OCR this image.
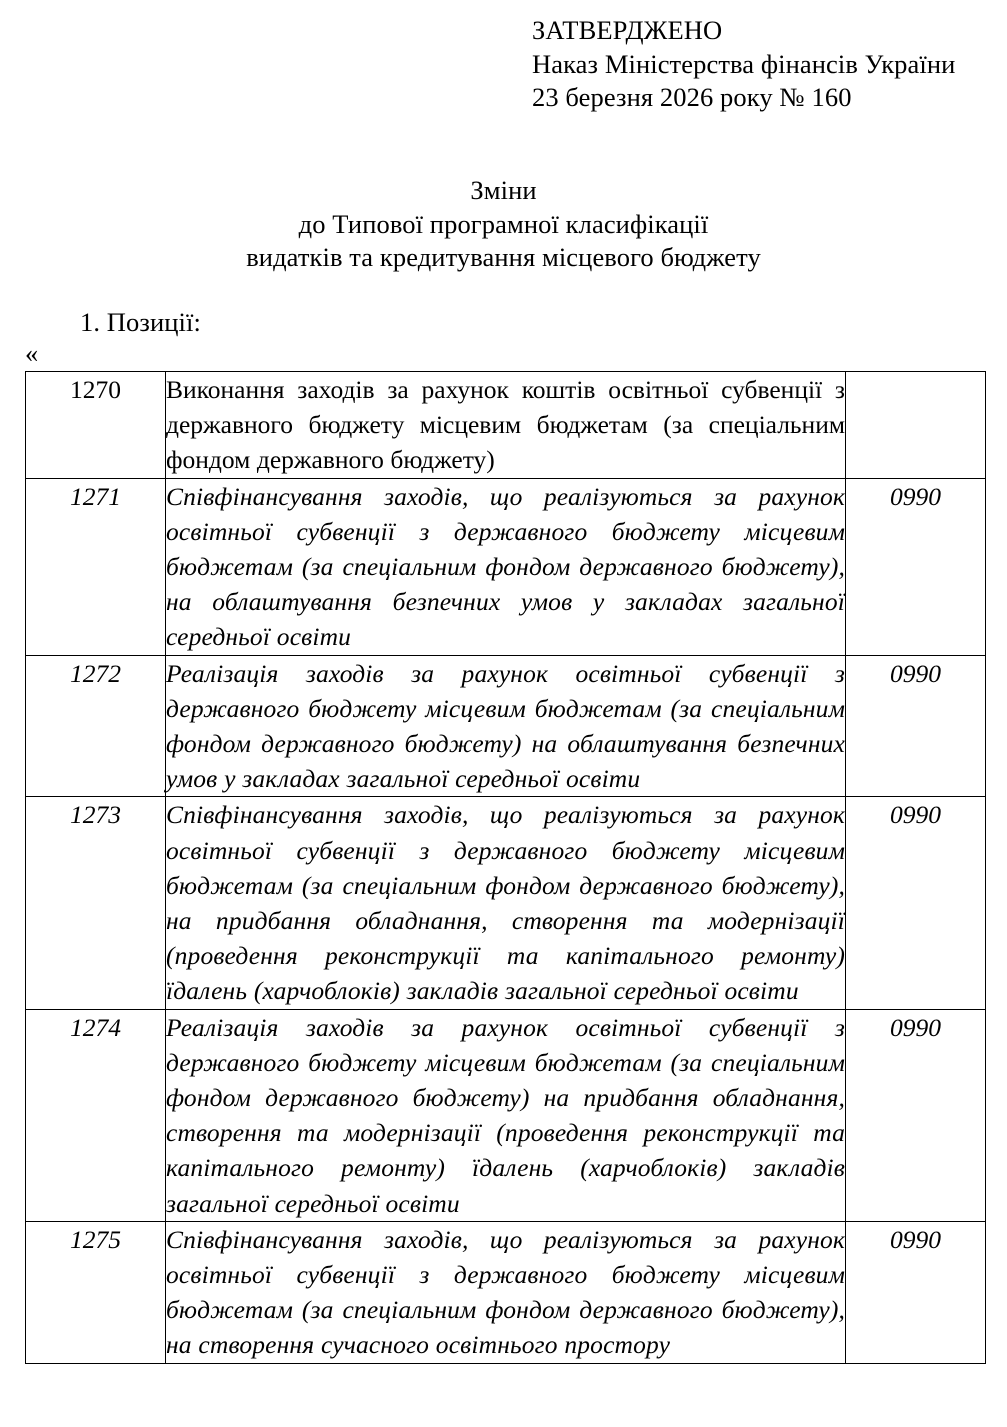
ЗАТВЕРДЖЕНО
Наказ Міністерства фінансів України
23 березня 2026 року № 160
Зміни
до Типової програмної класифікації
видатків та кредитування місцевого бюджету
1. Позиції:
«
1270	Виконання заходів за рахунок коштів освітньої субвенції з державного бюджету місцевим бюджетам (за спеціальним фондом державного бюджету)	
1271	Співфінансування заходів, що реалізуються за рахунок освітньої субвенції з державного бюджету місцевим бюджетам (за спеціальним фондом державного бюджету), на облаштування безпечних умов у закладах загальної середньої освіти	0990
1272	Реалізація заходів за рахунок освітньої субвенції з державного бюджету місцевим бюджетам (за спеціальним фондом державного бюджету) на облаштування безпечних умов у закладах загальної середньої освіти	0990
1273	Співфінансування заходів, що реалізуються за рахунок освітньої субвенції з державного бюджету місцевим бюджетам (за спеціальним фондом державного бюджету), на придбання обладнання, створення та модернізації (проведення реконструкції та капітального ремонту) їдалень (харчоблоків) закладів загальної середньої освіти	0990
1274	Реалізація заходів за рахунок освітньої субвенції з державного бюджету місцевим бюджетам (за спеціальним фондом державного бюджету) на придбання обладнання, створення та модернізації (проведення реконструкції та капітального ремонту) їдалень (харчоблоків) закладів загальної середньої освіти	0990
1275	Співфінансування заходів, що реалізуються за рахунок освітньої субвенції з державного бюджету місцевим бюджетам (за спеціальним фондом державного бюджету), на створення сучасного освітнього простору	0990
